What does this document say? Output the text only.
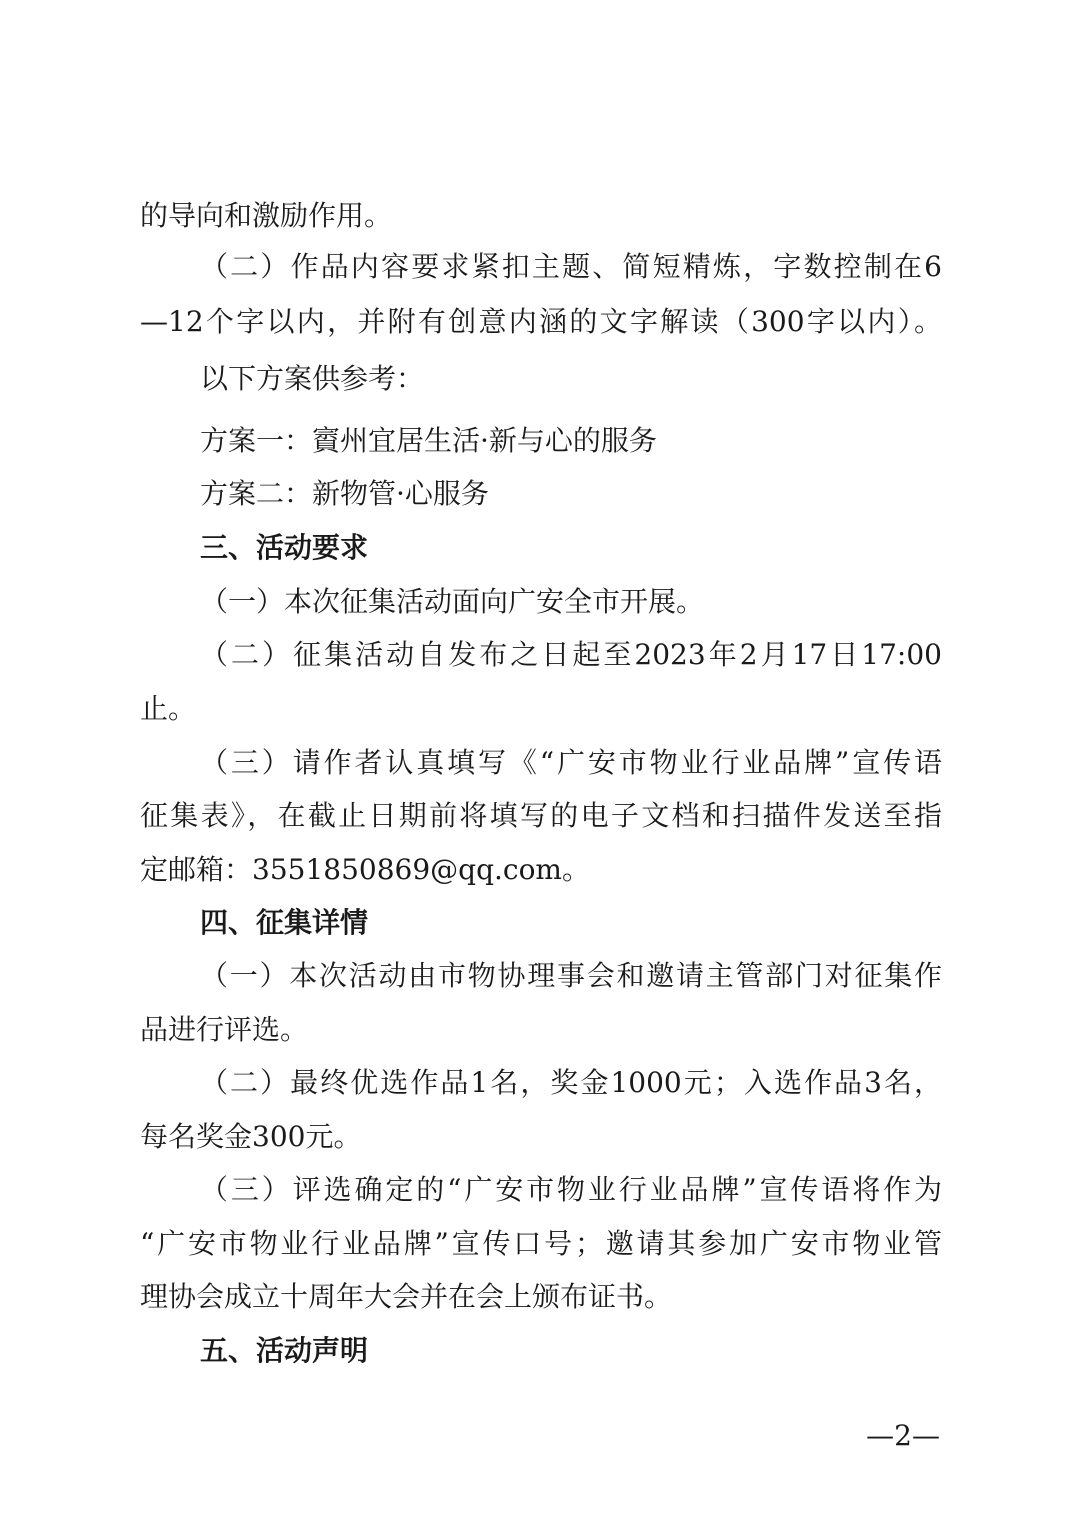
的导向和激励作用。
（二）作品内容要求紧扣主题、简短精炼，字数控制在6
—12个字以内，并附有创意内涵的文字解读（300字以内）。
以下方案供参考：
方案一：賨州宜居生活·新与心的服务
方案二：新物管·心服务
三、活动要求
（一）本次征集活动面向广安全市开展。
（二）征集活动自发布之日起至2023年2月17日17:00
止。
（三）请作者认真填写《“广安市物业行业品牌”宣传语
征集表》，在截止日期前将填写的电子文档和扫描件发送至指
定邮箱：3551850869@qq.com。
四、征集详情
（一）本次活动由市物协理事会和邀请主管部门对征集作
品进行评选。
（二）最终优选作品1名，奖金1000元；入选作品3名，
每名奖金300元。
（三）评选确定的“广安市物业行业品牌”宣传语将作为
“广安市物业行业品牌”宣传口号；邀请其参加广安市物业管
理协会成立十周年大会并在会上颁布证书。
五、活动声明
—2—
